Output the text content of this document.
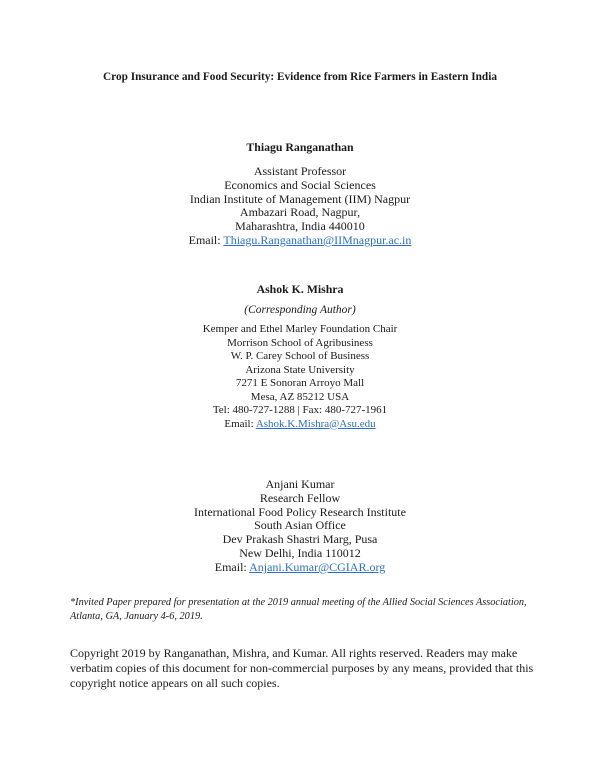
Crop Insurance and Food Security: Evidence from Rice Farmers in Eastern India
Thiagu Ranganathan
Assistant Professor
Economics and Social Sciences
Indian Institute of Management (IIM) Nagpur
Ambazari Road, Nagpur,
Maharashtra, India 440010
Email: Thiagu.Ranganathan@IIMnagpur.ac.in
Ashok K. Mishra
(Corresponding Author)
Kemper and Ethel Marley Foundation Chair
Morrison School of Agribusiness
W. P. Carey School of Business
Arizona State University
7271 E Sonoran Arroyo Mall
Mesa, AZ 85212 USA
Tel: 480-727-1288 | Fax: 480-727-1961
Email: Ashok.K.Mishra@Asu.edu
Anjani Kumar
Research Fellow
International Food Policy Research Institute
South Asian Office
Dev Prakash Shastri Marg, Pusa
New Delhi, India 110012
Email: Anjani.Kumar@CGIAR.org
*Invited Paper prepared for presentation at the 2019 annual meeting of the Allied Social Sciences Association, Atlanta, GA, January 4-6, 2019.
Copyright 2019 by Ranganathan, Mishra, and Kumar. All rights reserved. Readers may make verbatim copies of this document for non-commercial purposes by any means, provided that this copyright notice appears on all such copies.
